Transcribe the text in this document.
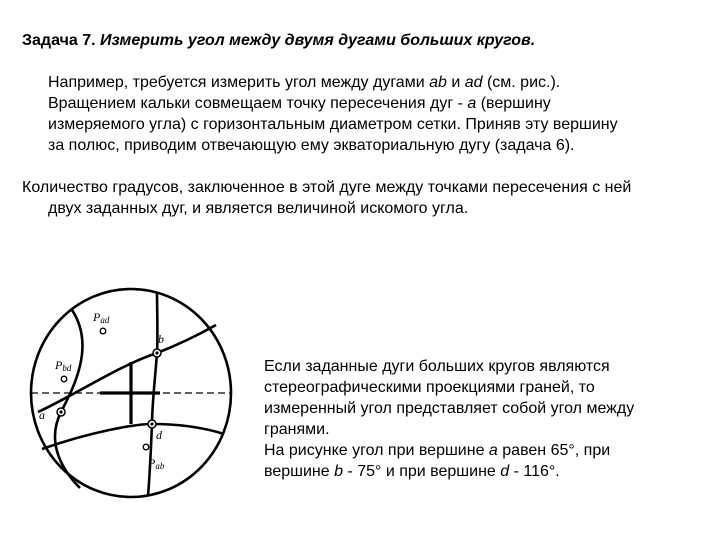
Задача 7. Измерить угол между двумя дугами больших кругов.
Например, требуется измерить угол между дугами ab и ad (см. рис.).
Вращением кальки совмещаем точку пересечения дуг - а (вершину
измеряемого угла) с горизонтальным диаметром сетки. Приняв эту вершину
за полюс, приводим отвечающую ему экваториальную дугу (задача 6).
Количество градусов, заключенное в этой дуге между точками пересечения с ней
двух заданных дуг, и является величиной искомого угла.
Pad
Pbd
Pab
b
a
d
Если заданные дуги больших кругов являются
стереографическими проекциями граней, то
измеренный угол представляет собой угол между
гранями.
На рисунке угол при вершине а равен 65°, при
вершине b - 75° и при вершине d - 116°.
